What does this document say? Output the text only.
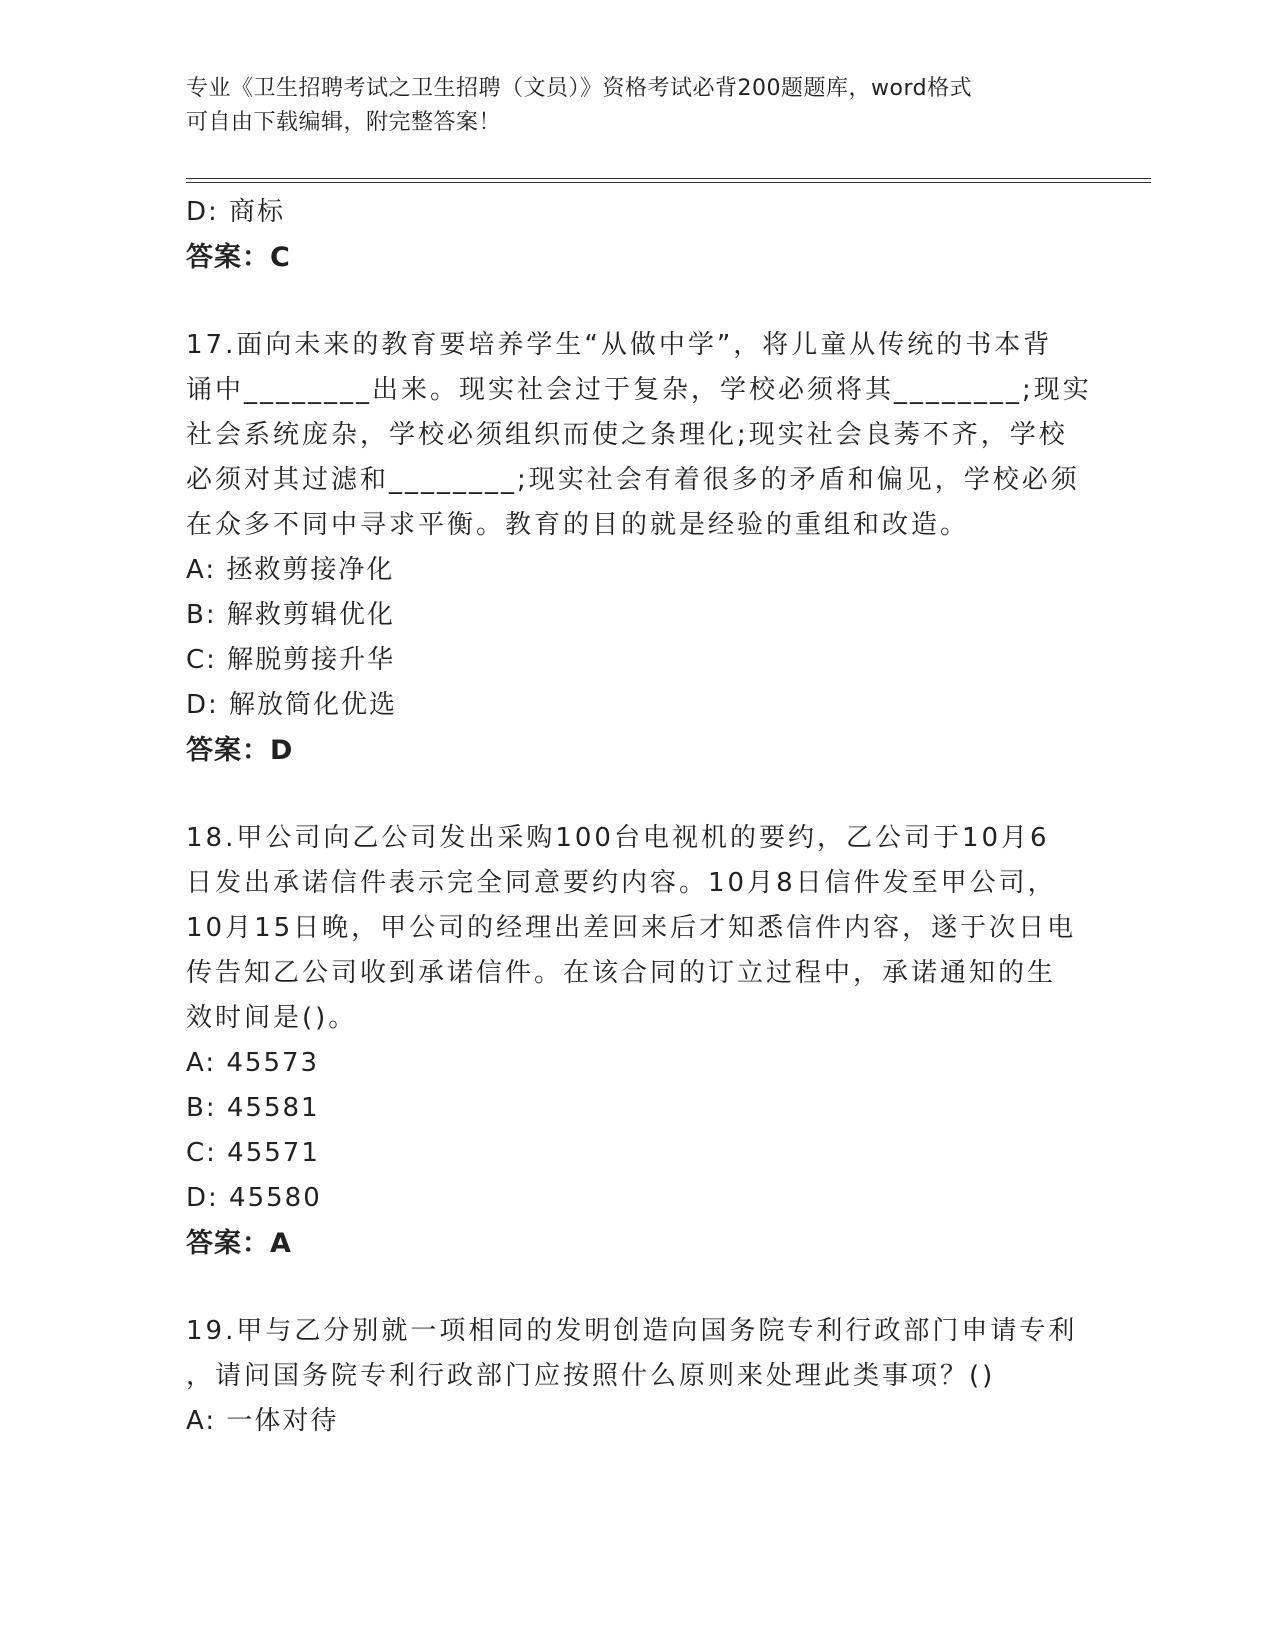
专业《卫生招聘考试之卫生招聘（文员）》资格考试必背200题题库，word格式
可自由下载编辑，附完整答案！
D: 商标
答案：C
17.面向未来的教育要培养学生“从做中学”，将儿童从传统的书本背
诵中________出来。现实社会过于复杂，学校必须将其________;现实
社会系统庞杂，学校必须组织而使之条理化;现实社会良莠不齐，学校
必须对其过滤和________;现实社会有着很多的矛盾和偏见，学校必须
在众多不同中寻求平衡。教育的目的就是经验的重组和改造。
A: 拯救剪接净化
B: 解救剪辑优化
C: 解脱剪接升华
D: 解放简化优选
答案：D
18.甲公司向乙公司发出采购100台电视机的要约，乙公司于10月6
日发出承诺信件表示完全同意要约内容。10月8日信件发至甲公司，
10月15日晚，甲公司的经理出差回来后才知悉信件内容，遂于次日电
传告知乙公司收到承诺信件。在该合同的订立过程中，承诺通知的生
效时间是()。
A: 45573
B: 45581
C: 45571
D: 45580
答案：A
19.甲与乙分别就一项相同的发明创造向国务院专利行政部门申请专利
，请问国务院专利行政部门应按照什么原则来处理此类事项？()
A: 一体对待
